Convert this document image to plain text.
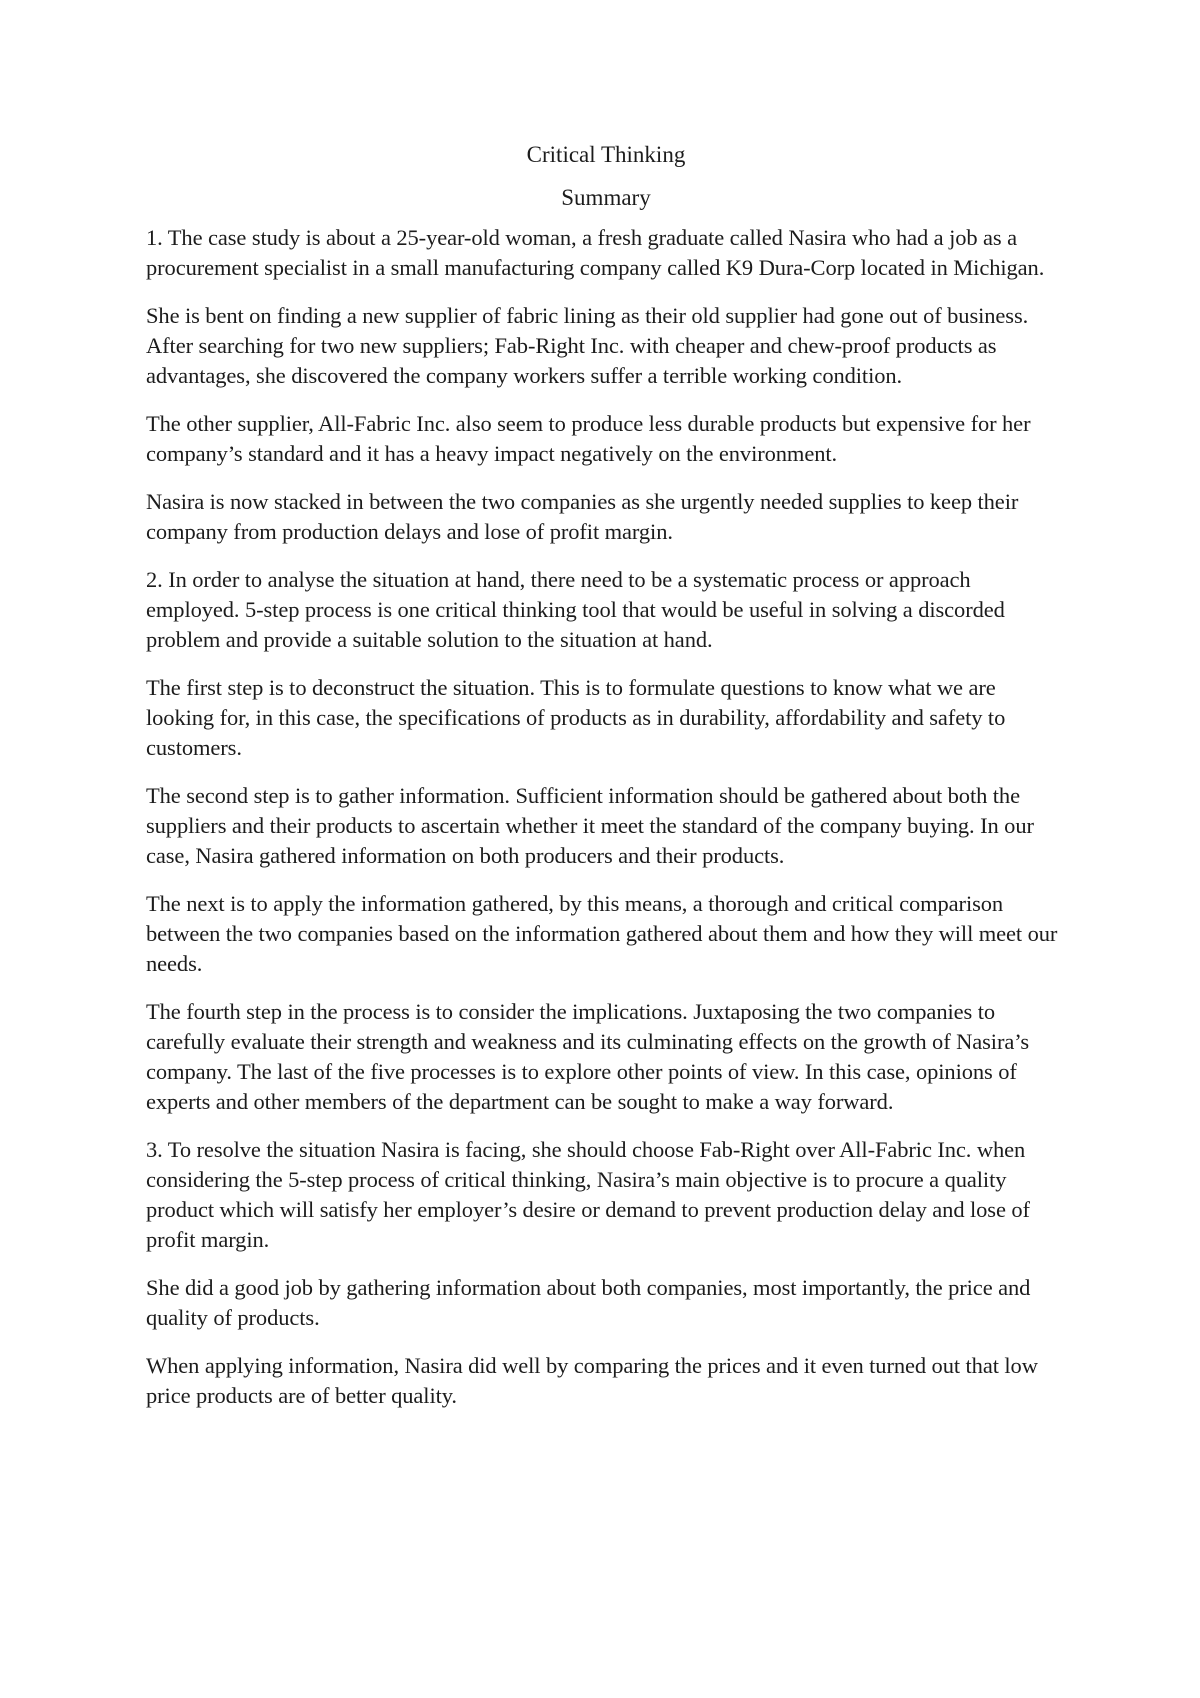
Critical Thinking
Summary

1. The case study is about a 25-year-old woman, a fresh graduate called Nasira who had a job as a procurement specialist in a small manufacturing company called K9 Dura-Corp located in Michigan.

She is bent on finding a new supplier of fabric lining as their old supplier had gone out of business. After searching for two new suppliers; Fab-Right Inc. with cheaper and chew-proof products as advantages, she discovered the company workers suffer a terrible working condition.

The other supplier, All-Fabric Inc. also seem to produce less durable products but expensive for her company’s standard and it has a heavy impact negatively on the environment.

Nasira is now stacked in between the two companies as she urgently needed supplies to keep their company from production delays and lose of profit margin.

2. In order to analyse the situation at hand, there need to be a systematic process or approach employed. 5-step process is one critical thinking tool that would be useful in solving a discorded problem and provide a suitable solution to the situation at hand.

The first step is to deconstruct the situation. This is to formulate questions to know what we are looking for, in this case, the specifications of products as in durability, affordability and safety to customers.

The second step is to gather information. Sufficient information should be gathered about both the suppliers and their products to ascertain whether it meet the standard of the company buying. In our case, Nasira gathered information on both producers and their products.

The next is to apply the information gathered, by this means, a thorough and critical comparison between the two companies based on the information gathered about them and how they will meet our needs.

The fourth step in the process is to consider the implications. Juxtaposing the two companies to carefully evaluate their strength and weakness and its culminating effects on the growth of Nasira’s company. The last of the five processes is to explore other points of view. In this case, opinions of experts and other members of the department can be sought to make a way forward.

3. To resolve the situation Nasira is facing, she should choose Fab-Right over All-Fabric Inc. when considering the 5-step process of critical thinking, Nasira’s main objective is to procure a quality product which will satisfy her employer’s desire or demand to prevent production delay and lose of profit margin.

She did a good job by gathering information about both companies, most importantly, the price and quality of products.

When applying information, Nasira did well by comparing the prices and it even turned out that low price products are of better quality.
